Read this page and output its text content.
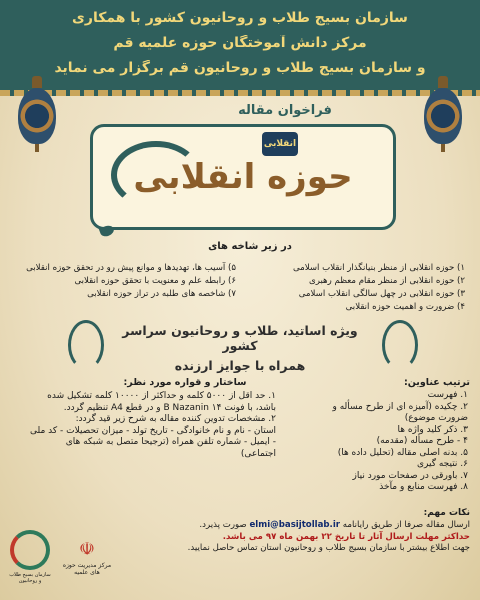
سازمان بسیج طلاب و روحانیون کشور با همکاری
مرکز دانش آموختگان حوزه علمیه قم
و سازمان بسیج طلاب و روحانیون قم برگزار می نماید
فراخوان مقاله
حوزه انقلابی
انقلابی
در زیر شاخه های
۱) حوزه انقلابی از منظر بنیانگذار انقلاب اسلامی
۲) حوزه انقلابی از منظر مقام معظم رهبری
۳) حوزه انقلابی در چهل سالگی انقلاب اسلامی
۴) ضرورت و اهمیت حوزه انقلابی
۵) آسیب ها، تهدیدها و موانع پیش رو در تحقق حوزه انقلابی
۶) رابطه علم و معنویت با تحقق حوزه انقلابی
۷) شاخصه های طلبه در تراز حوزه انقلابی
ویژه اساتید، طلاب و روحانیون سراسر کشور
همراه با جوایز ارزنده
ترتیب عناوین:
۱. فهرست
۲. چکیده (آمیزه ای از طرح مسأله و ضرورت موضوع)
۳. ذکر کلید واژه ها
۴ - طرح مسأله (مقدمه)
۵. بدنه اصلی مقاله (تحلیل داده ها)
۶. نتیجه گیری
۷. باورقی در صفحات مورد نیاز
۸. فهرست منابع و مآخذ
ساختار و قواره مورد نظر:
۱. حد اقل از ۵۰۰۰ کلمه و حداکثر از ۱۰۰۰۰ کلمه تشکیل شده باشد، با فونت B Nazanin ۱۴ و در قطع A4 تنظیم گردد.
۲. مشخصات تدوین کننده مقاله به شرح زیر قید گردد:
استان - نام و نام خانوادگی - تاریخ تولد - میزان تحصیلات - کد ملی - ایمیل - شماره تلفن همراه (ترجیحا متصل به شبکه های اجتماعی)
نکات مهم:
ارسال مقاله صرفا از طریق رایانامه elmi@basijtollab.ir صورت پذیرد.
حداکثر مهلت ارسال آثار تا تاریخ ۲۲ بهمن ماه ۹۷ می باشد.
جهت اطلاع بیشتر با سازمان بسیج طلاب و روحانیون استان تماس حاصل نمایید.
سازمان بسیج طلاب و روحانیون
☫
مرکز مدیریت حوزه های علمیه
